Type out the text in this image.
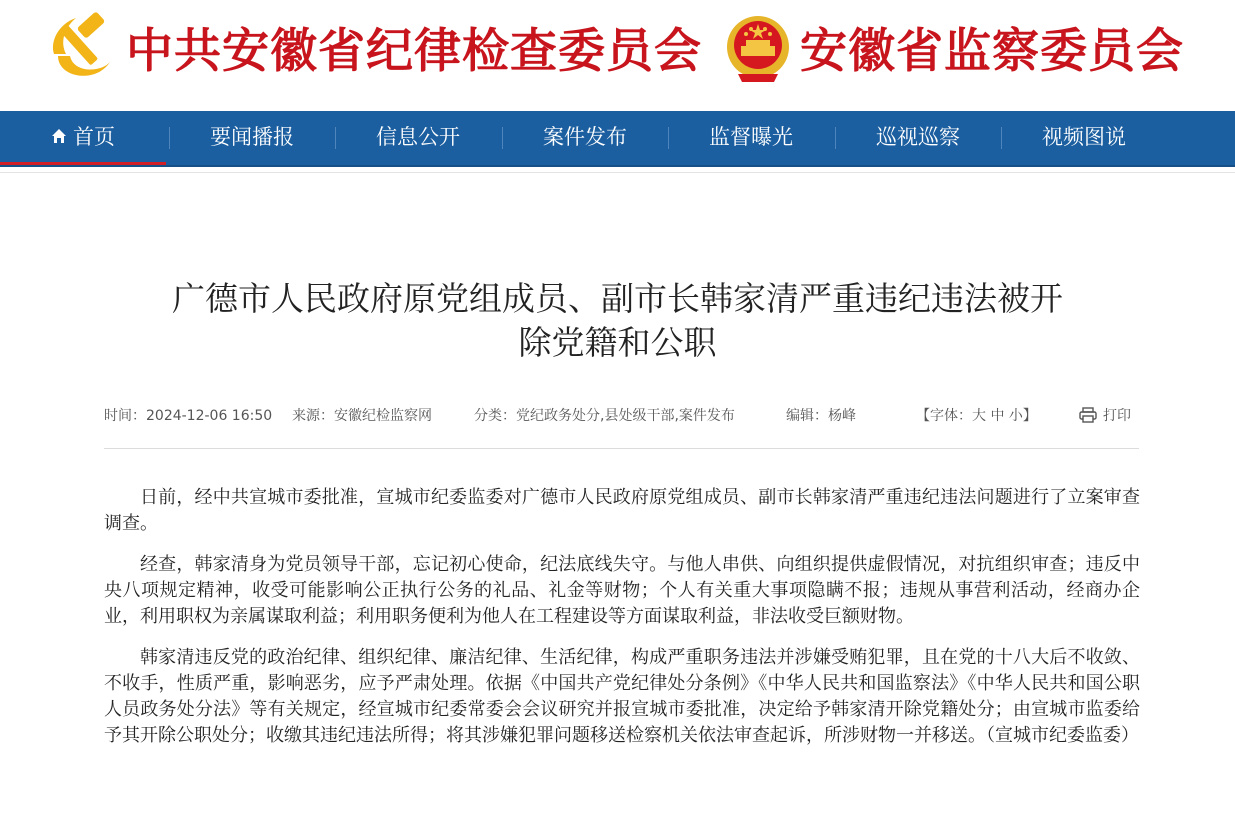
中共安徽省纪律检查委员会 安徽省监察委员会
首页	要闻播报	信息公开	案件发布	监督曝光	巡视巡察	视频图说
广德市人民政府原党组成员、副市长韩家清严重违纪违法被开
除党籍和公职
时间：2024-12-06 16:50 来源：安徽纪检监察网	分类：党纪政务处分,县处级干部,案件发布	编辑：杨峰	【字体：大 中 小】	打印

日前，经中共宣城市委批准，宣城市纪委监委对广德市人民政府原党组成员、副市长韩家清严重违纪违法问题进行了立案审查调查。

经查，韩家清身为党员领导干部，忘记初心使命，纪法底线失守。与他人串供、向组织提供虚假情况，对抗组织审查；违反中央八项规定精神，收受可能影响公正执行公务的礼品、礼金等财物；个人有关重大事项隐瞒不报；违规从事营利活动，经商办企业，利用职权为亲属谋取利益；利用职务便利为他人在工程建设等方面谋取利益，非法收受巨额财物。

韩家清违反党的政治纪律、组织纪律、廉洁纪律、生活纪律，构成严重职务违法并涉嫌受贿犯罪，且在党的十八大后不收敛、不收手，性质严重，影响恶劣，应予严肃处理。依据《中国共产党纪律处分条例》《中华人民共和国监察法》《中华人民共和国公职人员政务处分法》等有关规定，经宣城市纪委常委会会议研究并报宣城市委批准，决定给予韩家清开除党籍处分；由宣城市监委给予其开除公职处分；收缴其违纪违法所得；将其涉嫌犯罪问题移送检察机关依法审查起诉，所涉财物一并移送。（宣城市纪委监委）
